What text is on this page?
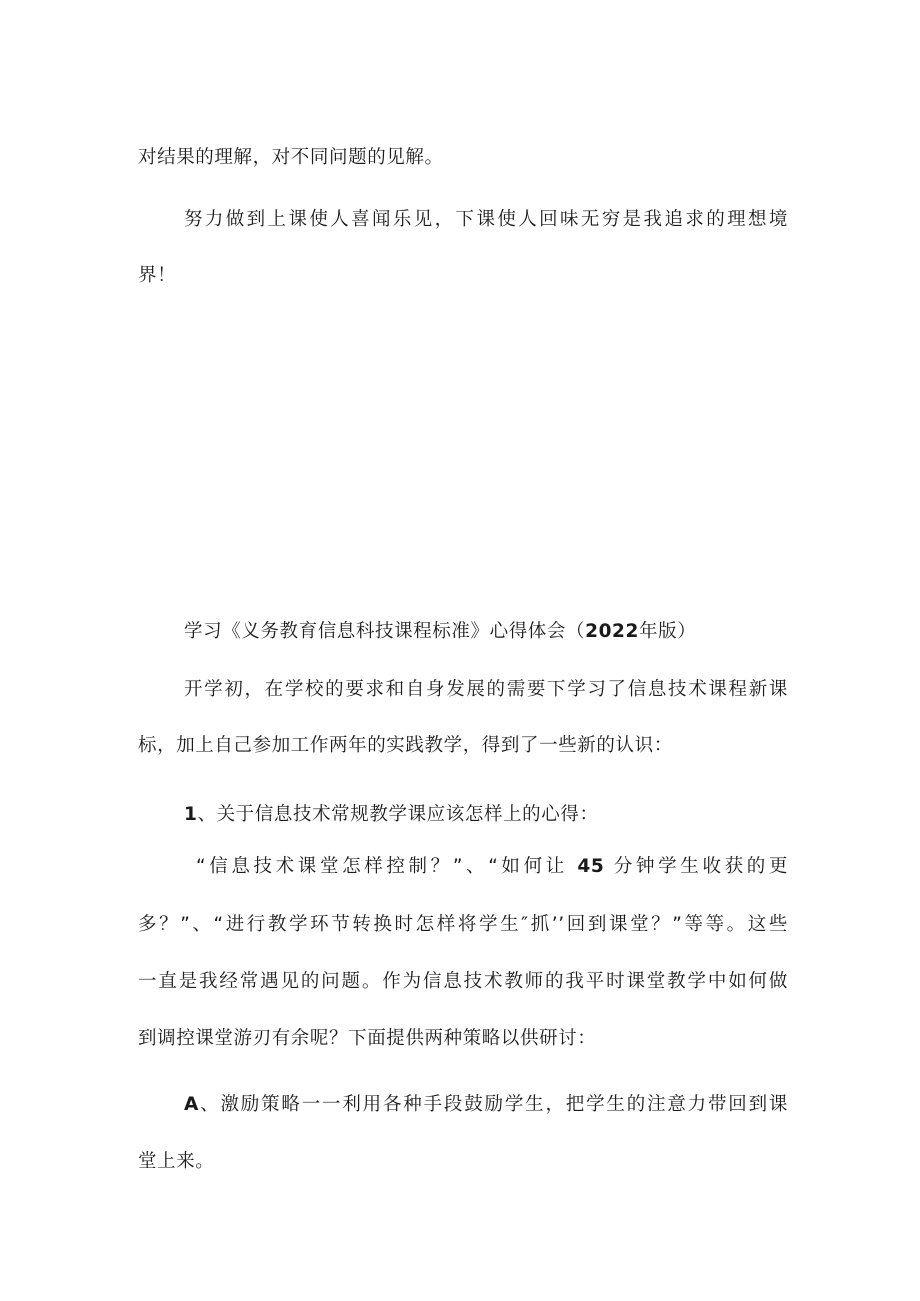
对结果的理解，对不同问题的见解。
努力做到上课使人喜闻乐见，下课使人回味无穷是我追求的理想境
界！
学习《义务教育信息科技课程标准》心得体会（2022年版）
开学初，在学校的要求和自身发展的需要下学习了信息技术课程新课
标，加上自己参加工作两年的实践教学，得到了一些新的认识：
1、关于信息技术常规教学课应该怎样上的心得：
“信息技术课堂怎样控制？”、“如何让 45 分钟学生收获的更
多？”、“进行教学环节转换时怎样将学生″抓’’回到课堂？”等等。这些
一直是我经常遇见的问题。作为信息技术教师的我平时课堂教学中如何做
到调控课堂游刃有余呢？下面提供两种策略以供研讨：
A、激励策略一一利用各种手段鼓励学生，把学生的注意力带回到课
堂上来。
